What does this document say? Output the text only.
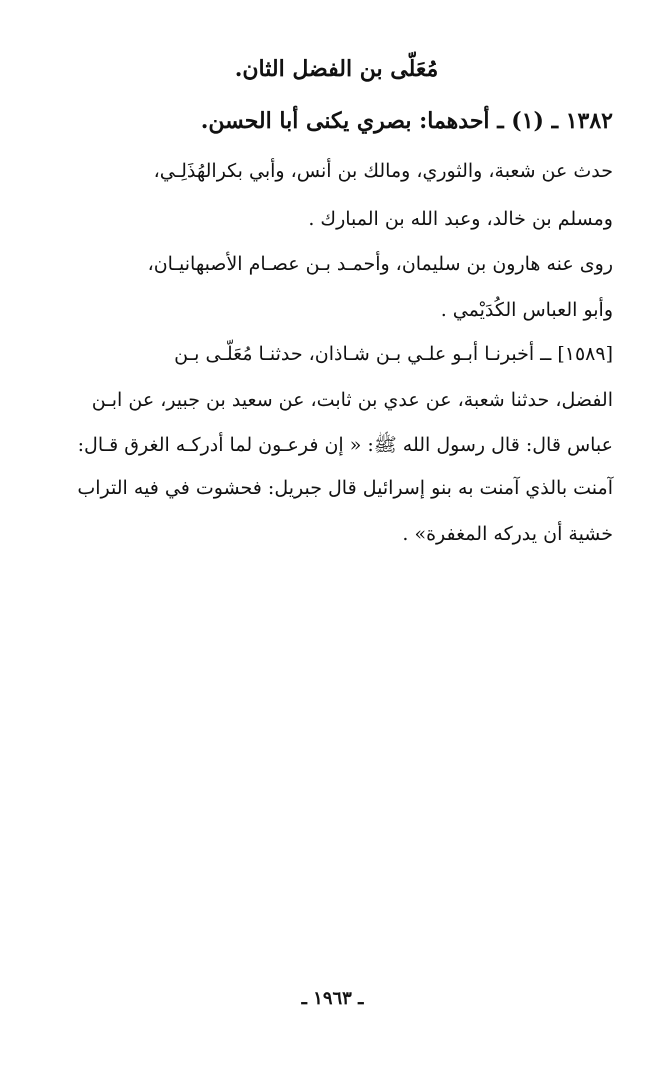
مُعَلّى بن الفضل الثان.
١٣٨٢ ـ (١) ـ أحدهما: بصري يكنى أبا الحسن.
حدث عن شعبة، والثوري، ومالك بن أنس، وأبي بكرالهُذَلِـي،
ومسلم بن خالد، وعبد الله بن المبارك .
روى عنه هارون بن سليمان، وأحمـد بـن عصـام الأصبهانيـان،
وأبو العباس الكُدَيْمي .
[١٥٨٩] ــ أخبرنـا أبـو علـي بـن شـاذان، حدثنـا مُعَلّـى بـن
الفضل، حدثنا شعبة، عن عدي بن ثابت، عن سعيد بن جبير، عن ابـن
عباس قال: قال رسول الله ﷺ: « إن فرعـون لما أدركـه الغرق قـال:
آمنت بالذي آمنت به بنو إسرائيل قال جبريل: فحشوت في فيه التراب
خشية أن يدركه المغفرة» .
ـ ١٩٦٣ ـ
